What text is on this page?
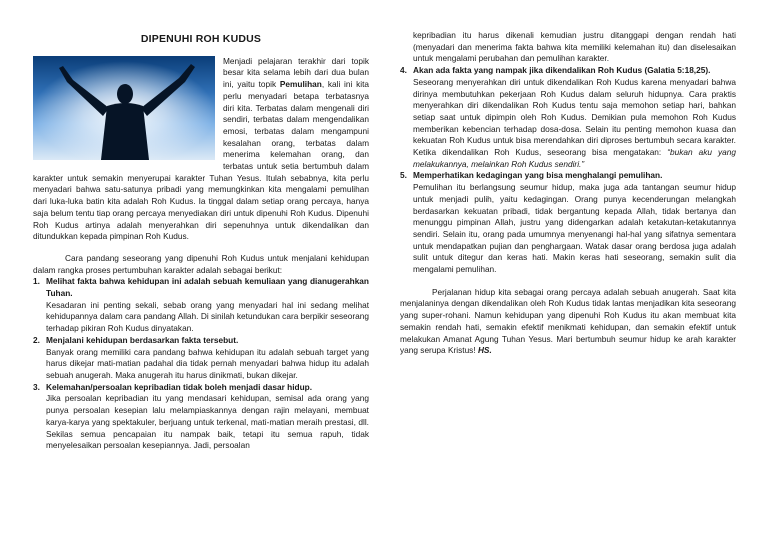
DIPENUHI ROH KUDUS

Menjadi pelajaran terakhir dari topik besar kita selama lebih dari dua bulan ini, yaitu topik Pemulihan, kali ini kita perlu menyadari betapa terbatasnya diri kita. Terbatas dalam mengenali diri sendiri, terbatas dalam mengendalikan emosi, terbatas dalam mengampuni kesalahan orang, terbatas dalam menerima kelemahan orang, dan terbatas untuk setia bertumbuh dalam karakter untuk semakin menyerupai karakter Tuhan Yesus. Itulah sebabnya, kita perlu menyadari bahwa satu-satunya pribadi yang memungkinkan kita mengalami pemulihan dari luka-luka batin kita adalah Roh Kudus. Ia tinggal dalam setiap orang percaya, hanya saja belum tentu tiap orang percaya menyediakan diri untuk dipenuhi Roh Kudus. Dipenuhi Roh Kudus artinya adalah menyerahkan diri sepenuhnya untuk dikendalikan dan ditundukkan kepada pimpinan Roh Kudus.

Cara pandang seseorang yang dipenuhi Roh Kudus untuk menjalani kehidupan dalam rangka proses pertumbuhan karakter adalah sebagai berikut:

1. Melihat fakta bahwa kehidupan ini adalah sebuah kemuliaan yang dianugerahkan Tuhan.
Kesadaran ini penting sekali, sebab orang yang menyadari hal ini sedang melihat kehidupannya dalam cara pandang Allah. Di sinilah ketundukan cara berpikir seseorang terhadap pikiran Roh Kudus dinyatakan.
2. Menjalani kehidupan berdasarkan fakta tersebut.
Banyak orang memiliki cara pandang bahwa kehidupan itu adalah sebuah target yang harus dikejar mati-matian padahal dia tidak pernah menyadari bahwa hidup itu adalah sebuah anugerah. Maka anugerah itu harus dinikmati, bukan dikejar.
3. Kelemahan/persoalan kepribadian tidak boleh menjadi dasar hidup.
Jika persoalan kepribadian itu yang mendasari kehidupan, semisal ada orang yang punya persoalan kesepian lalu melampiaskannya dengan rajin melayani, membuat karya-karya yang spektakuler, berjuang untuk terkenal, mati-matian meraih prestasi, dll. Sekilas semua pencapaian itu nampak baik, tetapi itu semua rapuh, tidak menyelesaikan persoalan kesepiannya. Jadi, persoalan

kepribadian itu harus dikenali kemudian justru ditanggapi dengan rendah hati (menyadari dan menerima fakta bahwa kita memiliki kelemahan itu) dan diselesaikan untuk mengalami perubahan dan pemulihan karakter.

4. Akan ada fakta yang nampak jika dikendalikan Roh Kudus (Galatia 5:18,25).
Seseorang menyerahkan diri untuk dikendalikan Roh Kudus karena menyadari bahwa dirinya membutuhkan pekerjaan Roh Kudus dalam seluruh hidupnya. Cara praktis menyerahkan diri dikendalikan Roh Kudus tentu saja memohon setiap hari, bahkan setiap saat untuk dipimpin oleh Roh Kudus. Demikian pula memohon Roh Kudus memberikan kebencian terhadap dosa-dosa. Selain itu penting memohon kuasa dan kekuatan Roh Kudus untuk bisa merendahkan diri diproses bertumbuh secara karakter. Ketika dikendalikan Roh Kudus, seseorang bisa mengatakan: “bukan aku yang melakukannya, melainkan Roh Kudus sendiri.”
5. Memperhatikan kedagingan yang bisa menghalangi pemulihan.
Pemulihan itu berlangsung seumur hidup, maka juga ada tantangan seumur hidup untuk menjadi pulih, yaitu kedagingan. Orang punya kecenderungan melangkah berdasarkan kekuatan pribadi, tidak bergantung kepada Allah, tidak bertanya dan menunggu pimpinan Allah, justru yang didengarkan adalah ketakutan-ketakutannya sendiri. Selain itu, orang pada umumnya menyenangi hal-hal yang sifatnya sementara untuk mendapatkan pujian dan penghargaan. Watak dasar orang berdosa juga adalah sulit untuk ditegur dan keras hati. Makin keras hati seseorang, semakin sulit dia mengalami pemulihan.

Perjalanan hidup kita sebagai orang percaya adalah sebuah anugerah. Saat kita menjalaninya dengan dikendalikan oleh Roh Kudus tidak lantas menjadikan kita seseorang yang super-rohani. Namun kehidupan yang dipenuhi Roh Kudus itu akan membuat kita semakin rendah hati, semakin efektif menikmati kehidupan, dan semakin efektif untuk melakukan Amanat Agung Tuhan Yesus. Mari bertumbuh seumur hidup ke arah karakter yang serupa Kristus! HS.
